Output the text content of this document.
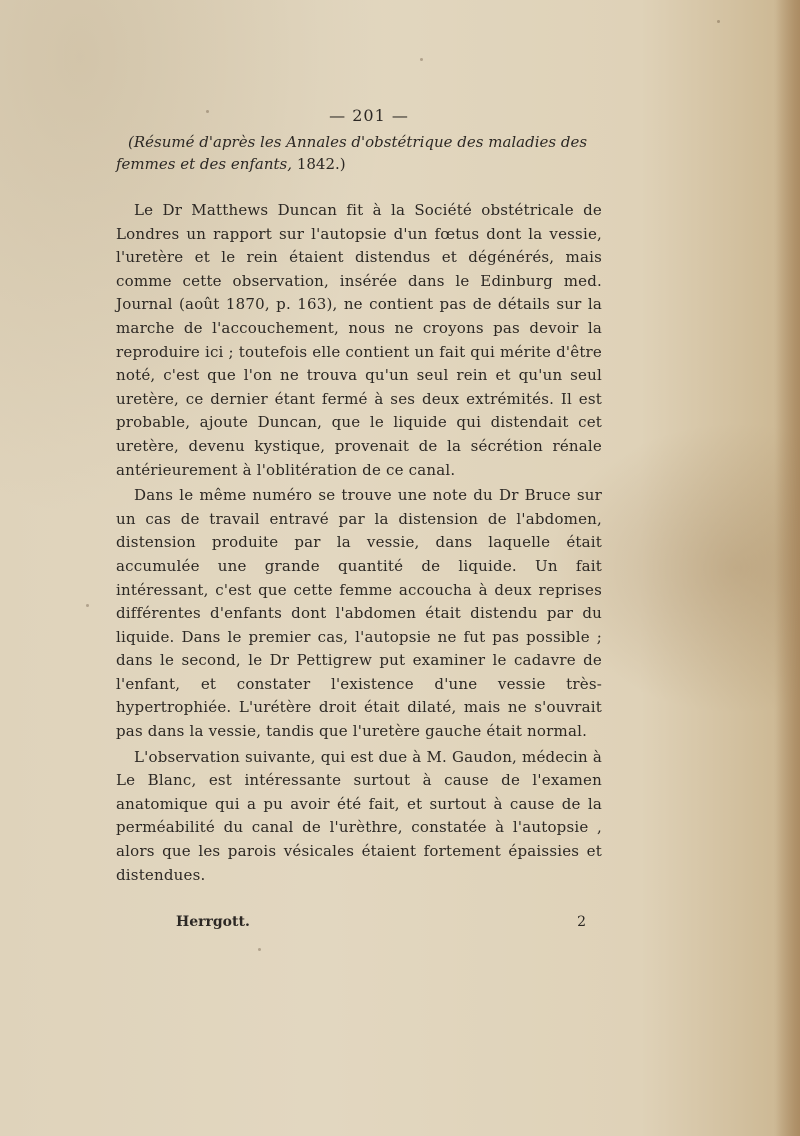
— 201 —

(Résumé d'après les Annales d'obstétrique des maladies des femmes et des enfants, 1842.)

Le Dr Matthews Duncan fit à la Société obstétricale de Londres un rapport sur l'autopsie d'un fœtus dont la vessie, l'uretère et le rein étaient distendus et dégénérés, mais comme cette observation, insérée dans le Edinburg med. Journal (août 1870, p. 163), ne contient pas de détails sur la marche de l'accouchement, nous ne croyons pas devoir la reproduire ici ; toutefois elle contient un fait qui mérite d'être noté, c'est que l'on ne trouva qu'un seul rein et qu'un seul uretère, ce dernier étant fermé à ses deux extrémités. Il est probable, ajoute Duncan, que le liquide qui distendait cet uretère, devenu kystique, provenait de la sécrétion rénale antérieurement à l'oblitération de ce canal.

Dans le même numéro se trouve une note du Dr Bruce sur un cas de travail entravé par la distension de l'abdomen, distension produite par la vessie, dans laquelle était accumulée une grande quantité de liquide. Un fait intéressant, c'est que cette femme accoucha à deux reprises différentes d'enfants dont l'abdomen était distendu par du liquide. Dans le premier cas, l'autopsie ne fut pas possible ; dans le second, le Dr Pettigrew put examiner le cadavre de l'enfant, et constater l'existence d'une vessie très-hypertrophiée. L'urétère droit était dilaté, mais ne s'ouvrait pas dans la vessie, tandis que l'uretère gauche était normal.

L'observation suivante, qui est due à M. Gaudon, médecin à Le Blanc, est intéressante surtout à cause de l'examen anatomique qui a pu avoir été fait, et surtout à cause de la perméabilité du canal de l'urèthre, constatée à l'autopsie , alors que les parois vésicales étaient fortement épaissies et distendues.

Herrgott.	2
